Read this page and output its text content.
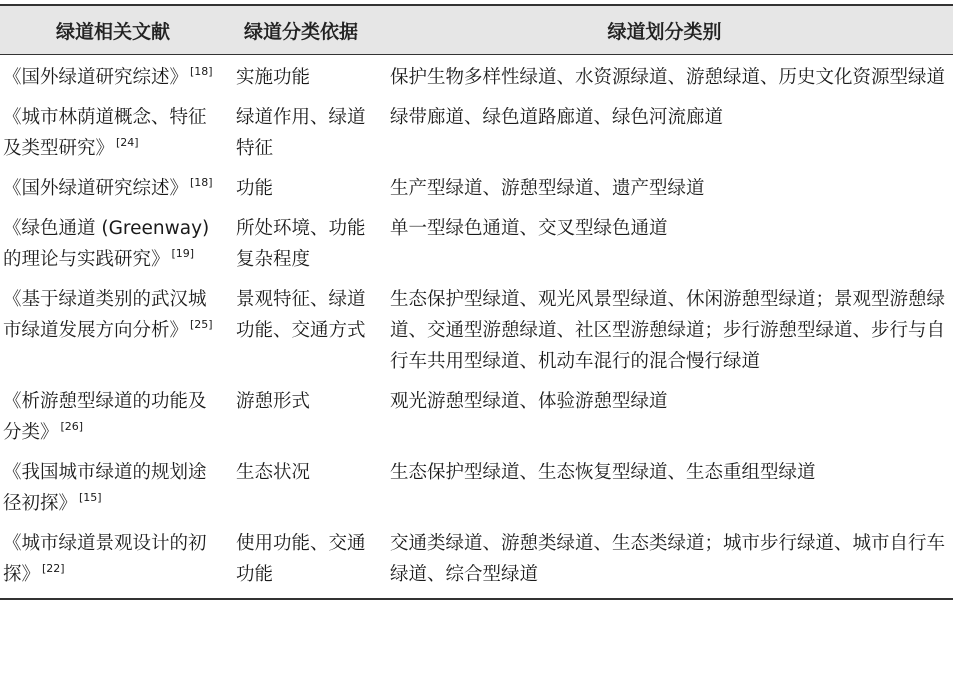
绿道相关文献	绿道分类依据	绿道划分类别
《国外绿道研究综述》 [18]	实施功能	保护生物多样性绿道、水资源绿道、游憩绿道、历史文化资源型绿道
《城市林荫道概念、特征及类型研究》 [24]	绿道作用、绿道特征	绿带廊道、绿色道路廊道、绿色河流廊道
《国外绿道研究综述》 [18]	功能	生产型绿道、游憩型绿道、遗产型绿道
《绿色通道 (Greenway) 的理论与实践研究》 [19]	所处环境、功能复杂程度	单一型绿色通道、交叉型绿色通道
《基于绿道类别的武汉城市绿道发展方向分析》 [25]	景观特征、绿道功能、交通方式	生态保护型绿道、观光风景型绿道、休闲游憩型绿道；景观型游憩绿道、交通型游憩绿道、社区型游憩绿道；步行游憩型绿道、步行与自行车共用型绿道、机动车混行的混合慢行绿道
《析游憩型绿道的功能及分类》 [26]	游憩形式	观光游憩型绿道、体验游憩型绿道
《我国城市绿道的规划途径初探》 [15]	生态状况	生态保护型绿道、生态恢复型绿道、生态重组型绿道
《城市绿道景观设计的初探》 [22]	使用功能、交通功能	交通类绿道、游憩类绿道、生态类绿道；城市步行绿道、城市自行车绿道、综合型绿道
